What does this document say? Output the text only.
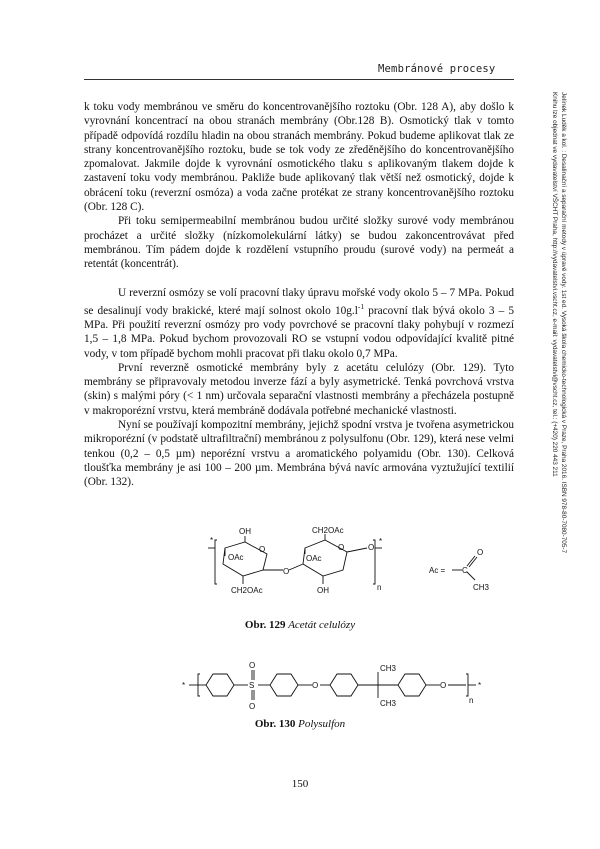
Membránové procesy
Jelínek Luděk a kol. : Desalinační a separační metody v úpravě vody. 1st ed. Vysoká škola chemicko-technologická v Praze, Praha 2016. ISBN 978-80-7080-705-7
Knihu lze objednat ve vydavatelství VŠCHT Praha, http://vydavatelstvi.vscht.cz, e-mail: vydavatelstvi@vscht.cz, tel.: (+420) 220 443 211

k toku vody membránou ve směru do koncentrovanějšího roztoku (Obr. 128 A), aby došlo k vyrovnání koncentrací na obou stranách membrány (Obr.128 B). Osmotický tlak v tomto případě odpovídá rozdílu hladin na obou stranách membrány. Pokud budeme aplikovat tlak ze strany koncentrovanějšího roztoku, bude se tok vody ze zředěnějšího do koncentrovanějšího zpomalovat. Jakmile dojde k vyrovnání osmotického tlaku s aplikovaným tlakem dojde k zastavení toku vody membránou. Pakliže bude aplikovaný tlak větší než osmotický, dojde k obrácení toku (reverzní osmóza) a voda začne protékat ze strany koncentrovanějšího roztoku (Obr. 128 C).

Při toku semipermeabilní membránou budou určité složky surové vody membránou procházet a určité složky (nízkomolekulární látky) se budou zakoncentrovávat před membránou. Tím pádem dojde k rozdělení vstupního proudu (surové vody) na permeát a retentát (koncentrát).

U reverzní osmózy se volí pracovní tlaky úpravu mořské vody okolo 5 – 7 MPa. Pokud se desalinují vody brakické, které mají solnost okolo $10g.l^{-1}$ pracovní tlak bývá okolo 3 – 5 MPa. Při použití reverzní osmózy pro vody povrchové se pracovní tlaky pohybují v rozmezí 1,5 – 1,8 MPa. Pokud bychom provozovali RO se vstupní vodou odpovídající kvalitě pitné vody, v tom případě bychom mohli pracovat při tlaku okolo 0,7 MPa.

První reverzně osmotické membrány byly z acetátu celulózy (Obr. 129). Tyto membrány se připravovaly metodou inverze fází a byly asymetrické. Tenká povrchová vrstva (skin) s malými póry (< 1 nm) určovala separační vlastnosti membrány a přecházela postupně v makroporézní vrstvu, která membráně dodávala potřebné mechanické vlastnosti.

Nyní se používají kompozitní membrány, jejichž spodní vrstva je tvořena asymetrickou mikroporézní (v podstatě ultrafiltrační) membránou z polysulfonu (Obr. 129), která nese velmi tenkou (0,2 – 0,5 µm) neporézní vrstvu a aromatického polyamidu (Obr. 130). Celková tloušťka membrány je asi 100 – 200 µm. Membrána bývá navíc armována vyztužující textilií (Obr. 132).

*	*
OH	CH2OAc
OAc	OAc
CH2OAc	OH
O
O
O	O
n
Ac = C
O
CH3
Obr. 129 Acetát celulózy
*	*
S
O
O
O	O
CH3
CH3	n
Obr. 130 Polysulfon
150
